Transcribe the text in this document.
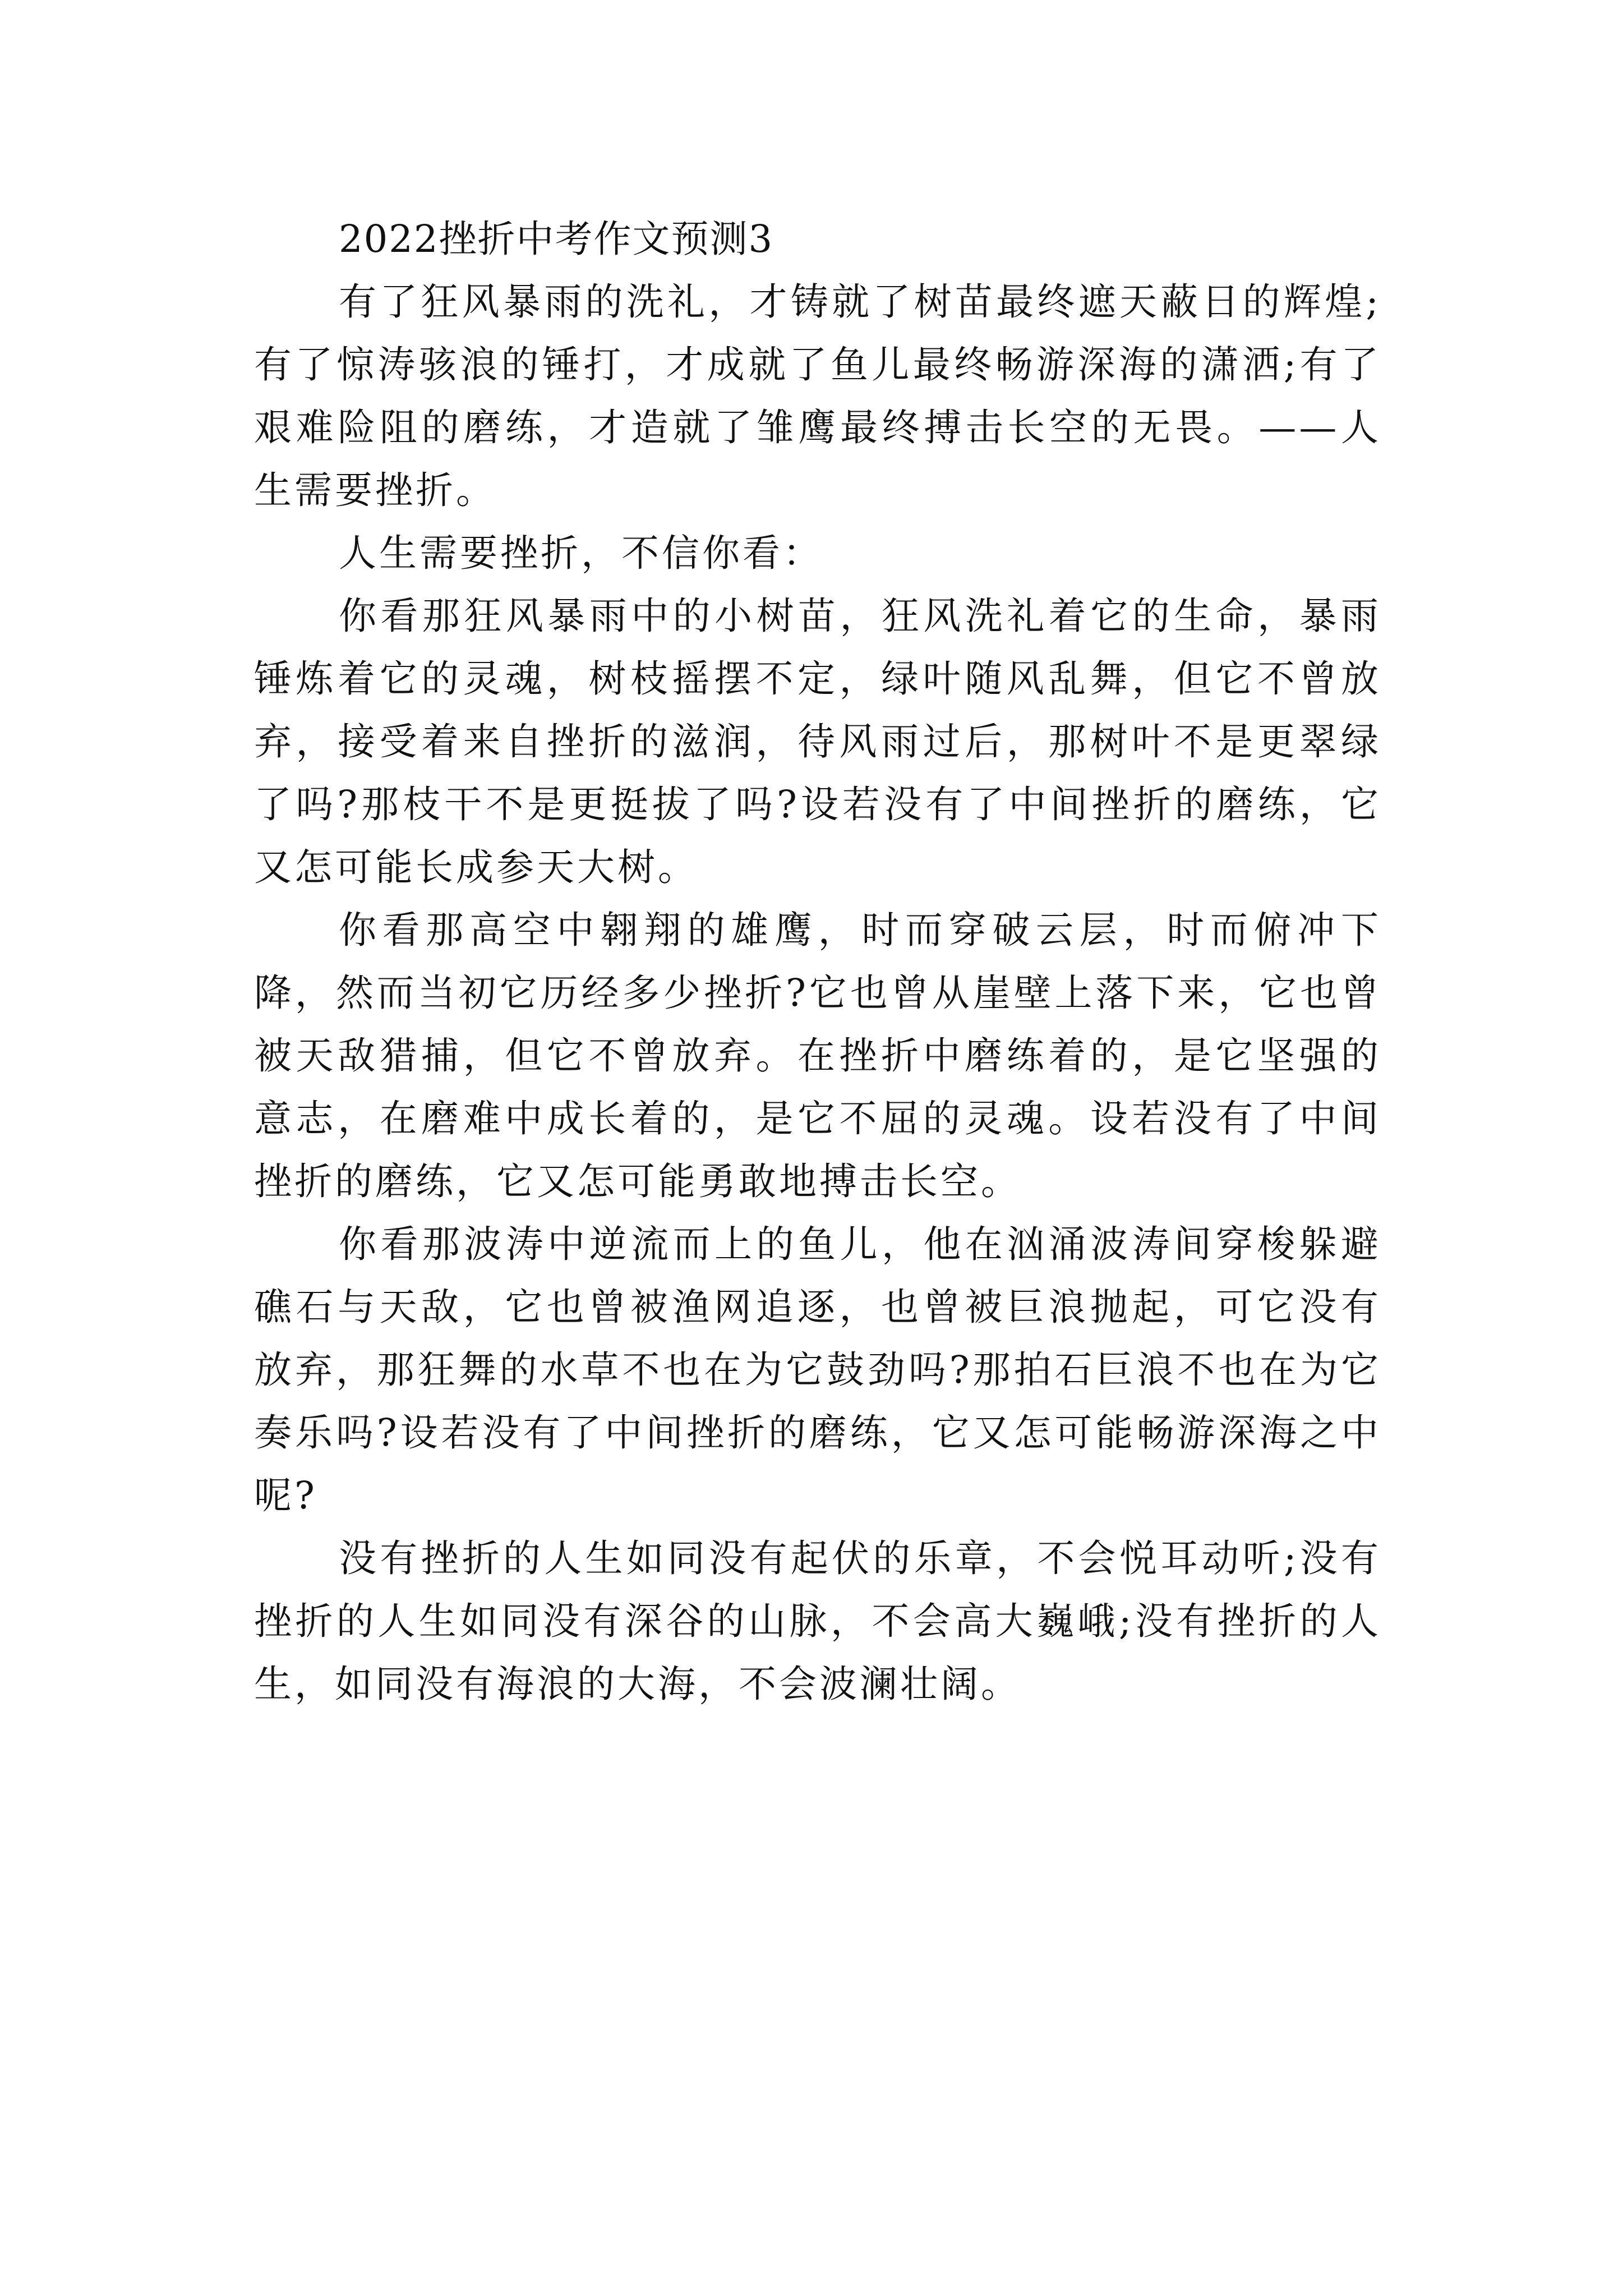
2022挫折中考作文预测3

有了狂风暴雨的洗礼，才铸就了树苗最终遮天蔽日的辉煌;有了惊涛骇浪的锤打，才成就了鱼儿最终畅游深海的潇洒;有了艰难险阻的磨练，才造就了雏鹰最终搏击长空的无畏。——人生需要挫折。

人生需要挫折，不信你看：

你看那狂风暴雨中的小树苗，狂风洗礼着它的生命，暴雨锤炼着它的灵魂，树枝摇摆不定，绿叶随风乱舞，但它不曾放弃，接受着来自挫折的滋润，待风雨过后，那树叶不是更翠绿了吗?那枝干不是更挺拔了吗?设若没有了中间挫折的磨练，它又怎可能长成参天大树。

你看那高空中翱翔的雄鹰，时而穿破云层，时而俯冲下降，然而当初它历经多少挫折?它也曾从崖壁上落下来，它也曾被天敌猎捕，但它不曾放弃。在挫折中磨练着的，是它坚强的意志，在磨难中成长着的，是它不屈的灵魂。设若没有了中间挫折的磨练，它又怎可能勇敢地搏击长空。

你看那波涛中逆流而上的鱼儿，他在汹涌波涛间穿梭躲避礁石与天敌，它也曾被渔网追逐，也曾被巨浪抛起，可它没有放弃，那狂舞的水草不也在为它鼓劲吗?那拍石巨浪不也在为它奏乐吗?设若没有了中间挫折的磨练，它又怎可能畅游深海之中呢?

没有挫折的人生如同没有起伏的乐章，不会悦耳动听;没有挫折的人生如同没有深谷的山脉，不会高大巍峨;没有挫折的人生，如同没有海浪的大海，不会波澜壮阔。
